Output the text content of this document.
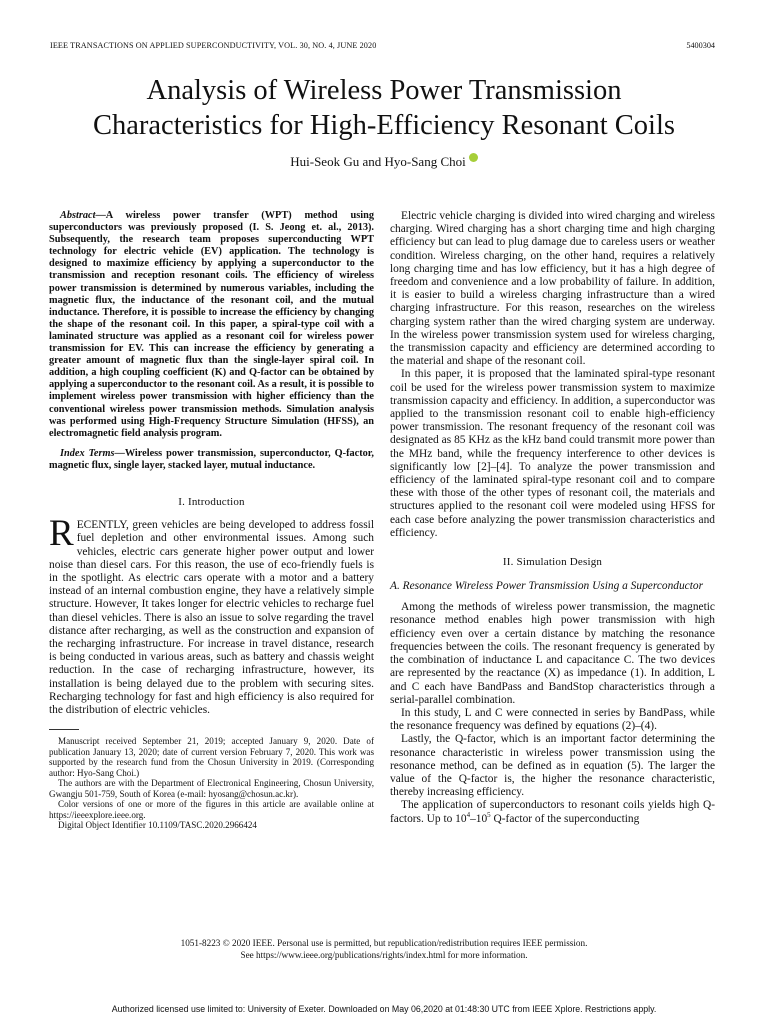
IEEE TRANSACTIONS ON APPLIED SUPERCONDUCTIVITY, VOL. 30, NO. 4, JUNE 2020	5400304
Analysis of Wireless Power Transmission
Characteristics for High-Efficiency Resonant Coils
Hui-Seok Gu and Hyo-Sang Choi

Abstract—A wireless power transfer (WPT) method using superconductors was previously proposed (I. S. Jeong et. al., 2013). Subsequently, the research team proposes superconducting WPT technology for electric vehicle (EV) application. The technology is designed to maximize efficiency by applying a superconductor to the transmission and reception resonant coils. The efficiency of wireless power transmission is determined by numerous variables, including the magnetic flux, the inductance of the resonant coil, and the mutual inductance. Therefore, it is possible to increase the efficiency by changing the shape of the resonant coil. In this paper, a spiral-type coil with a laminated structure was applied as a resonant coil for wireless power transmission for EV. This can increase the efficiency by generating a greater amount of magnetic flux than the single-layer spiral coil. In addition, a high coupling coefficient (K) and Q-factor can be obtained by applying a superconductor to the resonant coil. As a result, it is possible to implement wireless power transmission with higher efficiency than the conventional wireless power transmission methods. Simulation analysis was performed using High-Frequency Structure Simulation (HFSS), an electromagnetic field analysis program.

Index Terms—Wireless power transmission, superconductor, Q-factor, magnetic flux, single layer, stacked layer, mutual inductance.

I. Introduction

RECENTLY, green vehicles are being developed to address fossil fuel depletion and other environmental issues. Among such vehicles, electric cars generate higher power output and lower noise than diesel cars. For this reason, the use of eco-friendly fuels is in the spotlight. As electric cars operate with a motor and a battery instead of an internal combustion engine, they have a relatively simple structure. However, It takes longer for electric vehicles to recharge fuel than diesel vehicles. There is also an issue to solve regarding the travel distance after recharging, as well as the construction and expansion of the recharging infrastructure. For increase in travel distance, research is being conducted in various areas, such as battery and chassis weight reduction. In the case of recharging infrastructure, however, its installation is being delayed due to the problem with securing sites. Recharging technology for fast and high efficiency is also required for the distribution of electric vehicles.

Manuscript received September 21, 2019; accepted January 9, 2020. Date of publication January 13, 2020; date of current version February 7, 2020. This work was supported by the research fund from the Chosun University in 2019. (Corresponding author: Hyo-Sang Choi.)

The authors are with the Department of Electronical Engineering, Chosun University, Gwangju 501-759, South of Korea (e-mail: hyosang@chosun.ac.kr).

Color versions of one or more of the figures in this article are available online at https://ieeexplore.ieee.org.

Digital Object Identifier 10.1109/TASC.2020.2966424

Electric vehicle charging is divided into wired charging and wireless charging. Wired charging has a short charging time and high charging efficiency but can lead to plug damage due to careless users or weather condition. Wireless charging, on the other hand, requires a relatively long charging time and has low efficiency, but it has a high degree of freedom and convenience and a low probability of failure. In addition, it is easier to build a wireless charging infrastructure than a wired charging infrastructure. For this reason, researches on the wireless charging system rather than the wired charging system are underway. In the wireless power transmission system used for wireless charging, the transmission capacity and efficiency are determined according to the material and shape of the resonant coil.

In this paper, it is proposed that the laminated spiral-type resonant coil be used for the wireless power transmission system to maximize transmission capacity and efficiency. In addition, a superconductor was applied to the transmission resonant coil to enable high-efficiency power transmission. The resonant frequency of the resonant coil was designated as 85 KHz as the kHz band could transmit more power than the MHz band, while the frequency interference to other devices is significantly low [2]–[4]. To analyze the power transmission and efficiency of the laminated spiral-type resonant coil and to compare these with those of the other types of resonant coil, the materials and structures applied to the resonant coil were modeled using HFSS for each case before analyzing the power transmission characteristics and efficiency.

II. Simulation Design
A. Resonance Wireless Power Transmission Using a Superconductor

Among the methods of wireless power transmission, the magnetic resonance method enables high power transmission with high efficiency even over a certain distance by matching the resonance frequencies between the coils. The resonant frequency is generated by the combination of inductance L and capacitance C. The two devices are represented by the reactance (X) as impedance (1). In addition, L and C each have BandPass and BandStop characteristics through a serial-parallel combination.

In this study, L and C were connected in series by BandPass, while the resonance frequency was defined by equations (2)–(4).

Lastly, the Q-factor, which is an important factor determining the resonance characteristic in wireless power transmission using the resonance method, can be defined as in equation (5). The larger the value of the Q-factor is, the higher the resonance characteristic, thereby increasing efficiency.

The application of superconductors to resonant coils yields high Q-factors. Up to $10^4-10^5$ Q-factor of the superconducting

1051-8223 © 2020 IEEE. Personal use is permitted, but republication/redistribution requires IEEE permission.
See https://www.ieee.org/publications/rights/index.html for more information.
Authorized licensed use limited to: University of Exeter. Downloaded on May 06,2020 at 01:48:30 UTC from IEEE Xplore. Restrictions apply.
